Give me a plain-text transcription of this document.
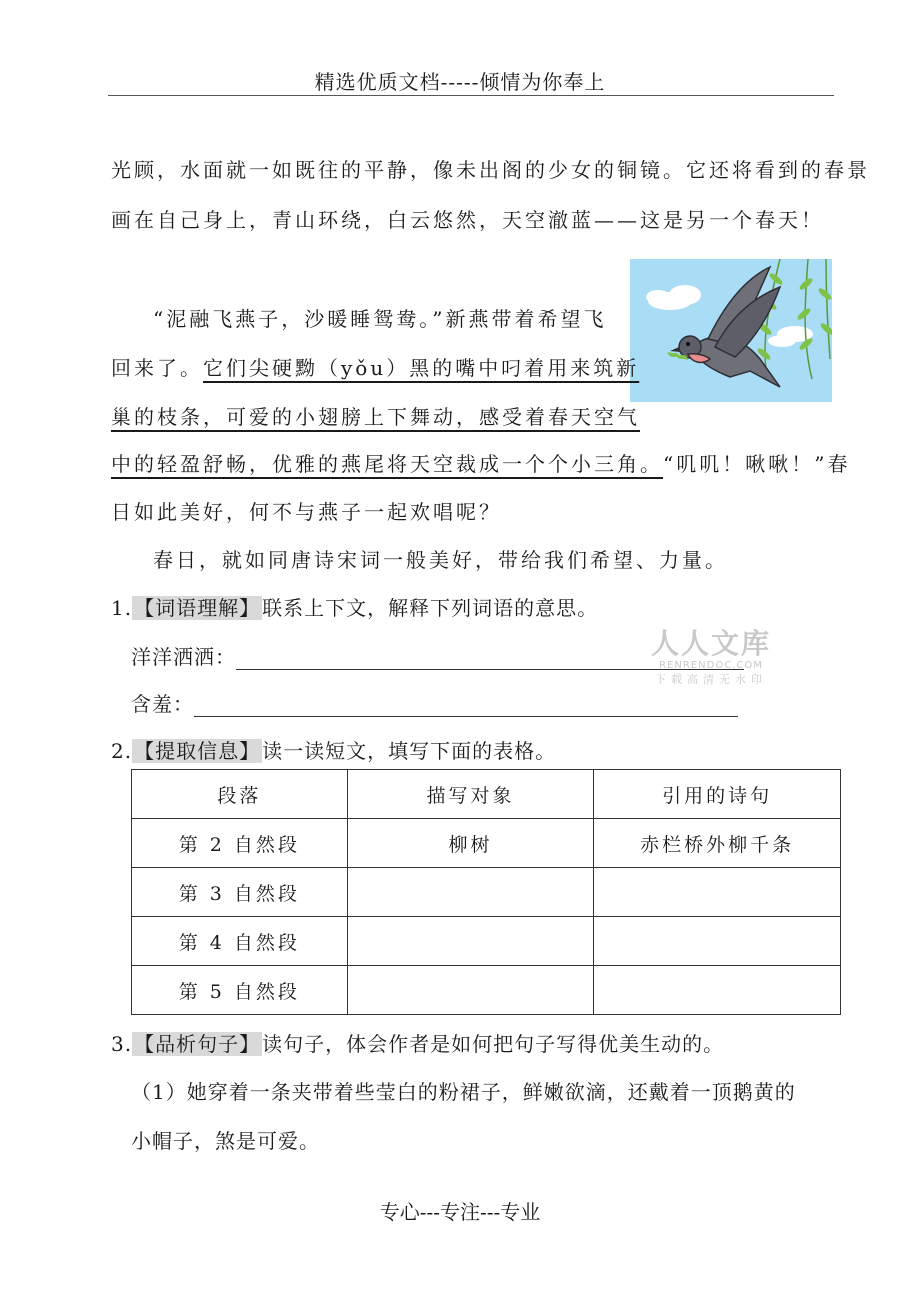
精选优质文档-----倾情为你奉上
光顾，水面就一如既往的平静，像未出阁的少女的铜镜。它还将看到的春景
画在自己身上，青山环绕，白云悠然，天空澈蓝——这是另一个春天！
“泥融飞燕子，沙暖睡鸳鸯。”新燕带着希望飞
回来了。它们尖硬黝（yǒu）黑的嘴中叼着用来筑新
巢的枝条，可爱的小翅膀上下舞动，感受着春天空气
中的轻盈舒畅，优雅的燕尾将天空裁成一个个小三角。“叽叽！啾啾！”春
日如此美好，何不与燕子一起欢唱呢？
春日，就如同唐诗宋词一般美好，带给我们希望、力量。
1. 【词语理解】 联系上下文，解释下列词语的意思。
洋洋洒洒：
含羞：
人人文库
RENRENDOC.COM
下载高清无水印
2. 【提取信息】 读一读短文，填写下面的表格。
段落	描写对象	引用的诗句
第 2 自然段	柳树	赤栏桥外柳千条
第 3 自然段		
第 4 自然段		
第 5 自然段		
3. 【品析句子】 读句子，体会作者是如何把句子写得优美生动的。
（1）她穿着一条夹带着些莹白的粉裙子，鲜嫩欲滴，还戴着一顶鹅黄的
小帽子，煞是可爱。
专心---专注---专业
